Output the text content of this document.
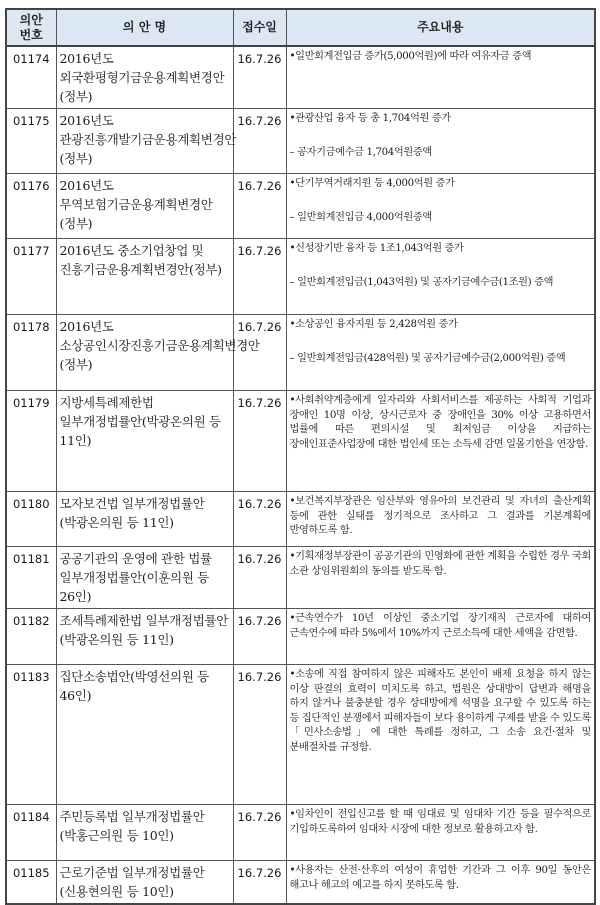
의안
번호	의 안 명	접수일	주요내용
01174	2016년도 외국환평형기금운용계획변경안(정부)	16.7.26	•일반회계전입금 증가(5,000억원)에 따라 여유자금 증액

01175	2016년도 관광진흥개발기금운용계획변경안(정부)	16.7.26	•관광산업 융자 등 총 1,704억원 증가
– 공자기금예수금 1,704억원증액

01176	2016년도 무역보험기금운용계획변경안(정부)	16.7.26	•단기무역거래지원 등 4,000억원 증가
– 일반회계전입금 4,000억원증액

01177	2016년도 중소기업창업 및 진흥기금운용계획변경안(정부)	16.7.26	•신성장기반 융자 등 1조1,043억원 증가
– 일반회계전입금(1,043억원) 및 공자기금예수금(1조원) 증액

01178	2016년도 소상공인시장진흥기금운용계획변경안(정부)	16.7.26	•소상공인 융자지원 등 2,428억원 증가
– 일반회계전입금(428억원) 및 공자기금예수금(2,000억원) 증액

01179	지방세특례제한법 일부개정법률안(박광온의원 등 11인)	16.7.26	•사회취약계층에게 일자리와 사회서비스를 제공하는 사회적 기업과 장애인 10명 이상, 상시근로자 중 장애인을 30% 이상 고용하면서 법률에 따른 편의시설 및 최저임금 이상을 지급하는 장애인표준사업장에 대한 법인세 또는 소득세 감면 일몰기한을 연장함.

01180	모자보건법 일부개정법률안(박광온의원 등 11인)	16.7.26	•보건복지부장관은 임산부와 영유아의 보건관리 및 자녀의 출산계획 등에 관한 실태를 정기적으로 조사하고 그 결과를 기본계획에 반영하도록 함.

01181	공공기관의 운영에 관한 법률 일부개정법률안(이훈의원 등 26인)	16.7.26	•기획재정부장관이 공공기관의 민영화에 관한 계획을 수립한 경우 국회 소관 상임위원회의 동의를 받도록 함.

01182	조세특례제한법 일부개정법률안(박광온의원 등 11인)	16.7.26	•근속연수가 10년 이상인 중소기업 장기재직 근로자에 대하여 근속연수에 따라 5%에서 10%까지 근로소득에 대한 세액을 감면함.

01183	집단소송법안(박영선의원 등 46인)	16.7.26	•소송에 직접 참여하지 않은 피해자도 본인이 배제 요청을 하지 않는 이상 판결의 효력이 미치도록 하고, 법원은 상대방이 답변과 해명을 하지 않거나 불충분할 경우 상대방에게 석명을 요구할 수 있도록 하는 등 집단적인 분쟁에서 피해자들이 보다 용이하게 구제를 받을 수 있도록 「민사소송법」에 대한 특례를 정하고, 그 소송 요건·절차 및 분배절차를 규정함.

01184	주민등록법 일부개정법률안(박홍근의원 등 10인)	16.7.26	•임차인이 전입신고를 할 때 임대료 및 임대차 기간 등을 필수적으로 기입하도록하여 임대차 시장에 대한 정보로 활용하고자 함.

01185	근로기준법 일부개정법률안(신용현의원 등 10인)	16.7.26	•사용자는 산전·산후의 여성이 휴업한 기간과 그 이후 90일 동안은 해고나 해고의 예고를 하지 못하도록 함.
